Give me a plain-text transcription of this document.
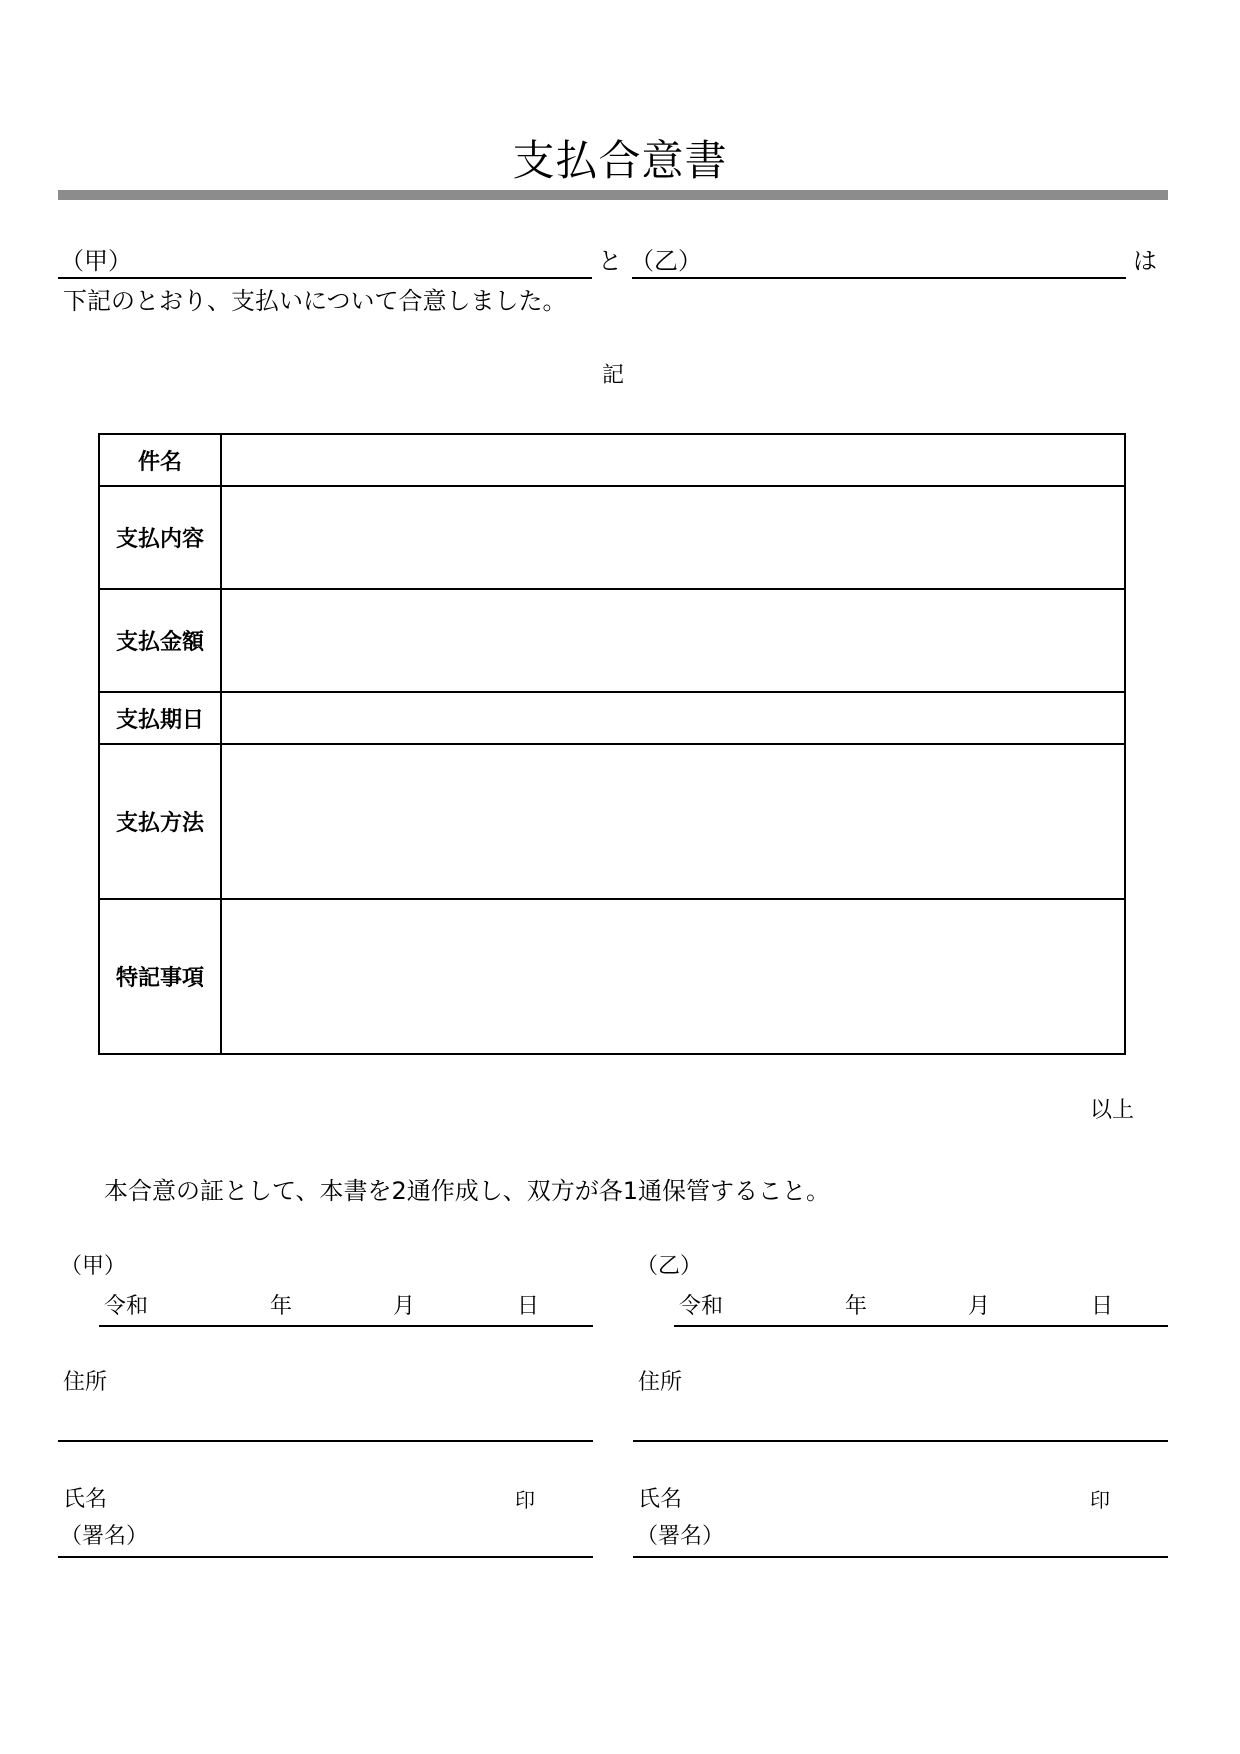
支払合意書
（甲）	と （乙）	は
下記のとおり、支払いについて合意しました。
記
件名	
支払内容	
支払金額	
支払期日	
支払方法	
特記事項	
以上
本合意の証として、本書を2通作成し、双方が各1通保管すること。
（甲）
令和	年	月	日
住所
氏名	印
（署名）
（乙）
令和	年	月	日
住所
氏名	印
（署名）
